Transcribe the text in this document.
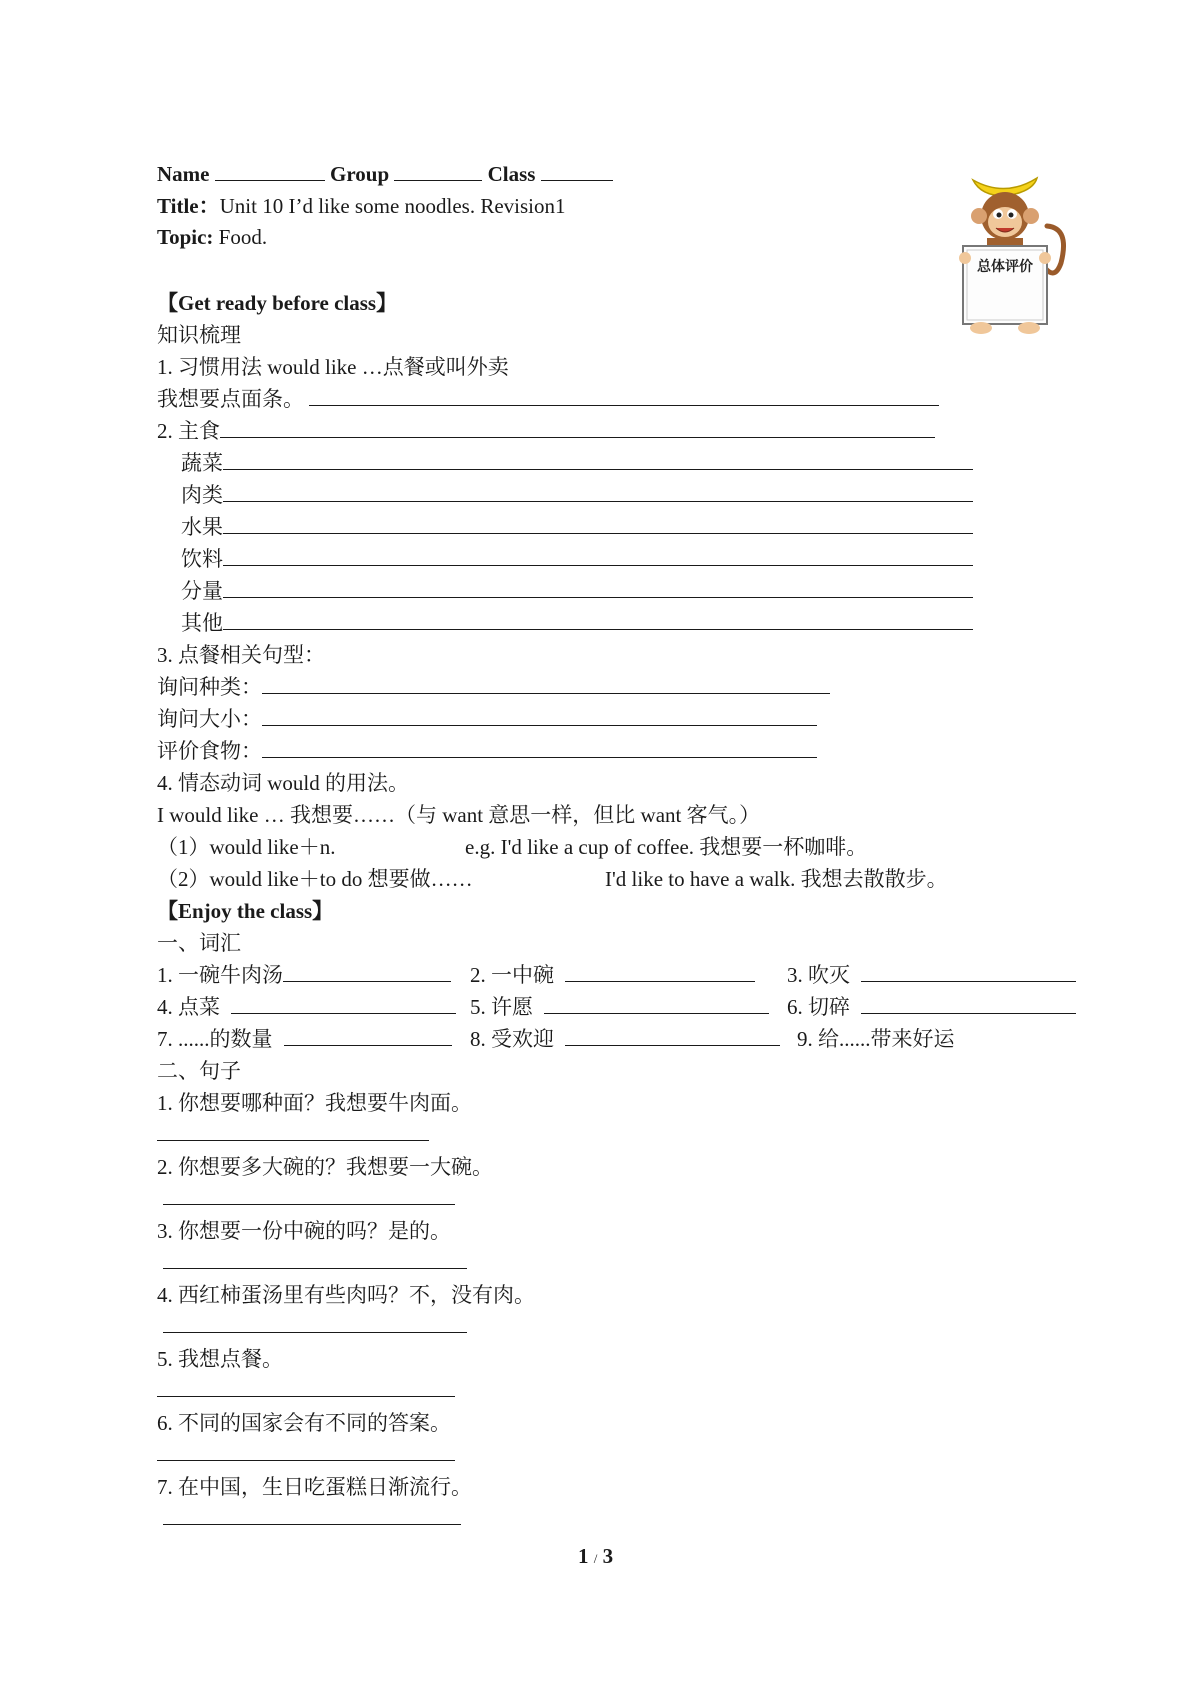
Name	Group	Class
Title：Unit 10 I’d like some noodles. Revision1
Topic: Food.
总体评价
【Get ready before class】
知识梳理
1. 习惯用法 would like …点餐或叫外卖
我想要点面条。
2. 主食
蔬菜
肉类
水果
饮料
分量
其他
3. 点餐相关句型：
询问种类：
询问大小：
评价食物：
4. 情态动词 would 的用法。
I would like … 我想要……（与 want 意思一样，但比 want 客气。）
（1）would like＋n.	e.g. I'd like a cup of coffee. 我想要一杯咖啡。
（2）would like＋to do 想要做……	I'd like to have a walk. 我想去散散步。
【Enjoy the class】
一、词汇
1. 一碗牛肉汤	2. 一中碗	3. 吹灭
4. 点菜	5. 许愿	6. 切碎
7. ......的数量	8. 受欢迎	9. 给......带来好运
二、句子
1. 你想要哪种面？我想要牛肉面。
2. 你想要多大碗的？我想要一大碗。
3. 你想要一份中碗的吗？是的。
4. 西红柿蛋汤里有些肉吗？不，没有肉。
5. 我想点餐。
6. 不同的国家会有不同的答案。
7. 在中国，生日吃蛋糕日渐流行。
1 / 3
